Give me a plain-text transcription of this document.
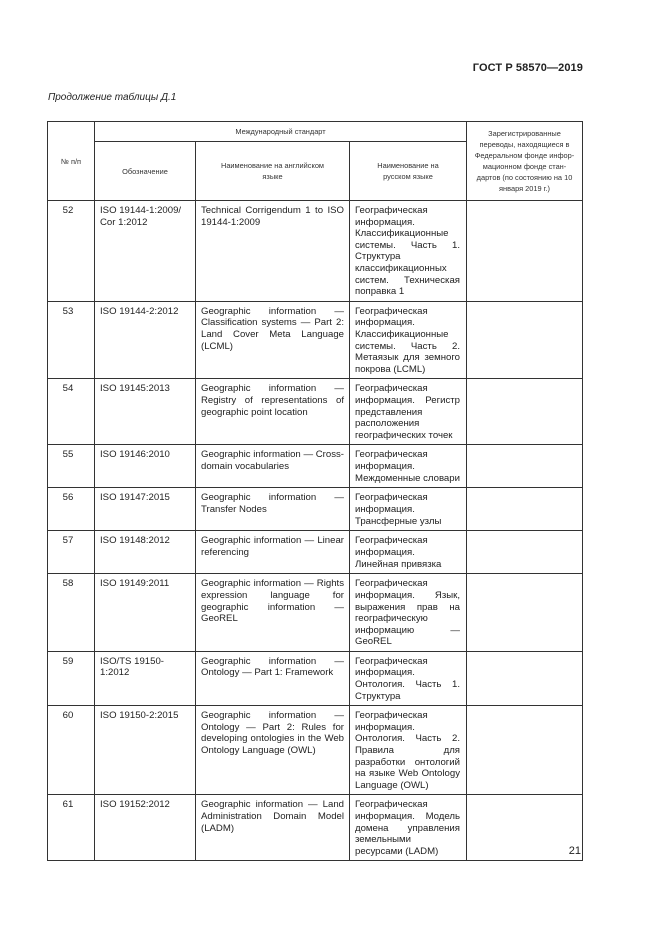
ГОСТ Р 58570—2019
Продолжение таблицы Д.1
№ п/п	Международный стандарт			Зарегистрированные переводы, находящиеся в Федеральном фонде инфор-мационном фонде стан-дартов (по состоянию на 10 января 2019 г.)
	Обозначение	Наименование на английском языке	Наименование на русском языке	
52	ISO 19144-1:2009/ Cor 1:2012	Technical Corrigendum 1 to ISO 19144-1:2009	Географическая информация. Классификационные системы. Часть 1. Структура классификационных систем. Техническая поправка 1	
53	ISO 19144-2:2012	Geographic information — Classification systems — Part 2: Land Cover Meta Language (LCML)	Географическая информация. Классификационные системы. Часть 2. Метаязык для земного покрова (LCML)	
54	ISO 19145:2013	Geographic information — Registry of representations of geographic point location	Географическая информация. Регистр представления расположения географических точек	
55	ISO 19146:2010	Geographic information — Cross-domain vocabularies	Географическая информация. Междоменные словари	
56	ISO 19147:2015	Geographic information — Transfer Nodes	Географическая информация. Трансферные узлы	
57	ISO 19148:2012	Geographic information — Linear referencing	Географическая информация. Линейная привязка	
58	ISO 19149:2011	Geographic information — Rights expression language for geographic information — GeoREL	Географическая информация. Язык, выражения прав на географическую информацию — GeoREL	
59	ISO/TS 19150-1:2012	Geographic information — Ontology — Part 1: Framework	Географическая информация. Онтология. Часть 1. Структура	
60	ISO 19150-2:2015	Geographic information — Ontology — Part 2: Rules for developing ontologies in the Web Ontology Language (OWL)	Географическая информация. Онтология. Часть 2. Правила для разработки онтологий на языке Web Ontology Language (OWL)	
61	ISO 19152:2012	Geographic information — Land Administration Domain Model (LADM)	Географическая информация. Модель домена управления земельными ресурсами (LADM)		21
